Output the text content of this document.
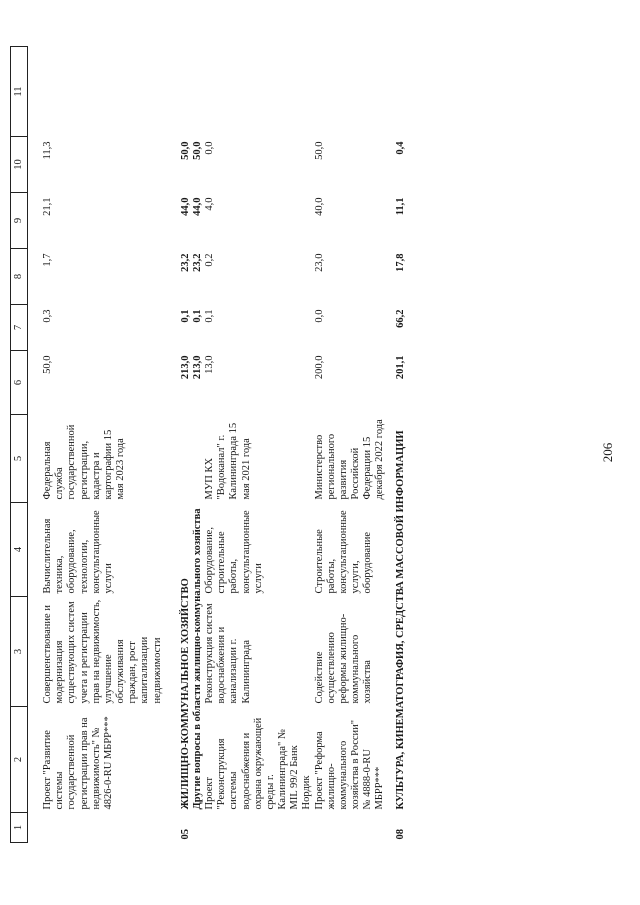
1	2	3	4	5	6	7	8	9	10	11
	Проект "Развитие системы государственной регистрации прав на недвижимость" № 4826-0-RU МБРР***	Совершенствование и модернизация существующих систем учета и регистрации прав на недвижимость, улучшение обслуживания граждан, рост капитализации недвижимости	Вычислительная техника, оборудование, технологии, консультационные услуги	Федеральная служба государственной регистрации, кадастра и картографии 15 мая 2023 года	50,0	0,3	1,7	21,1	11,3	
05	ЖИЛИЩНО-КОММУНАЛЬНОЕ ХОЗЯЙСТВО				213,0	0,1	23,2	44,0	50,0	
	Другие вопросы в области жилищно-коммунального хозяйства				213,0	0,1	23,2	44,0	50,0	
	Проект "Реконструкция системы водоснабжения и охрана окружающей среды г. Калининграда" № МІL 99/2 Банк Нордик	Реконструкция систем водоснабжения и канализации г. Калининграда	Оборудование, строительные работы, консультационные услуги	МУП КХ "Водоканал" г. Калининграда 15 мая 2021 года	13,0	0,1	0,2	4,0	0,0	
	Проект "Реформа жилищно-коммунального хозяйства в России" № 4888-0-RU МБРР***	Содействие осуществлению реформы жилищно-коммунального хозяйства	Строительные работы, консультационные услуги, оборудование	Министерство регионального развития Российской Федерации 15 декабря 2022 года	200,0	0,0	23,0	40,0	50,0	
08	КУЛЬТУРА, КИНЕМАТОГРАФИЯ, СРЕДСТВА МАССОВОЙ ИНФОРМАЦИИ				201,1	66,2	17,8	11,1	0,4	
206
